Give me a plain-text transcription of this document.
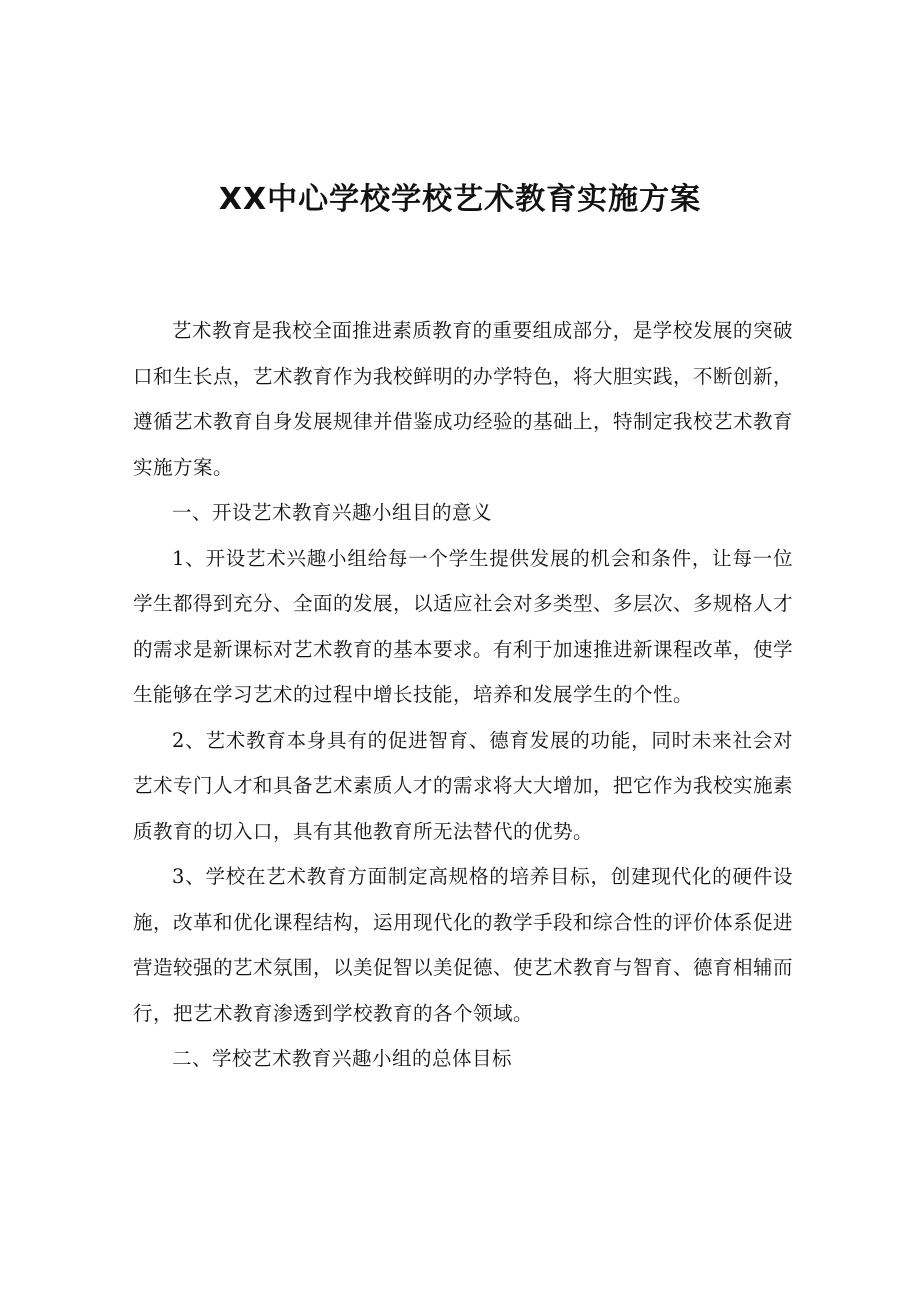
XX中心学校学校艺术教育实施方案

艺术教育是我校全面推进素质教育的重要组成部分，是学校发展的突破口和生长点，艺术教育作为我校鲜明的办学特色，将大胆实践，不断创新，遵循艺术教育自身发展规律并借鉴成功经验的基础上，特制定我校艺术教育实施方案。

一、开设艺术教育兴趣小组目的意义

1、开设艺术兴趣小组给每一个学生提供发展的机会和条件，让每一位学生都得到充分、全面的发展，以适应社会对多类型、多层次、多规格人才的需求是新课标对艺术教育的基本要求。有利于加速推进新课程改革，使学生能够在学习艺术的过程中增长技能，培养和发展学生的个性。

2、艺术教育本身具有的促进智育、德育发展的功能，同时未来社会对艺术专门人才和具备艺术素质人才的需求将大大增加，把它作为我校实施素质教育的切入口，具有其他教育所无法替代的优势。

3、学校在艺术教育方面制定高规格的培养目标，创建现代化的硬件设施，改革和优化课程结构，运用现代化的教学手段和综合性的评价体系促进营造较强的艺术氛围，以美促智以美促德、使艺术教育与智育、德育相辅而行，把艺术教育渗透到学校教育的各个领域。

二、学校艺术教育兴趣小组的总体目标
